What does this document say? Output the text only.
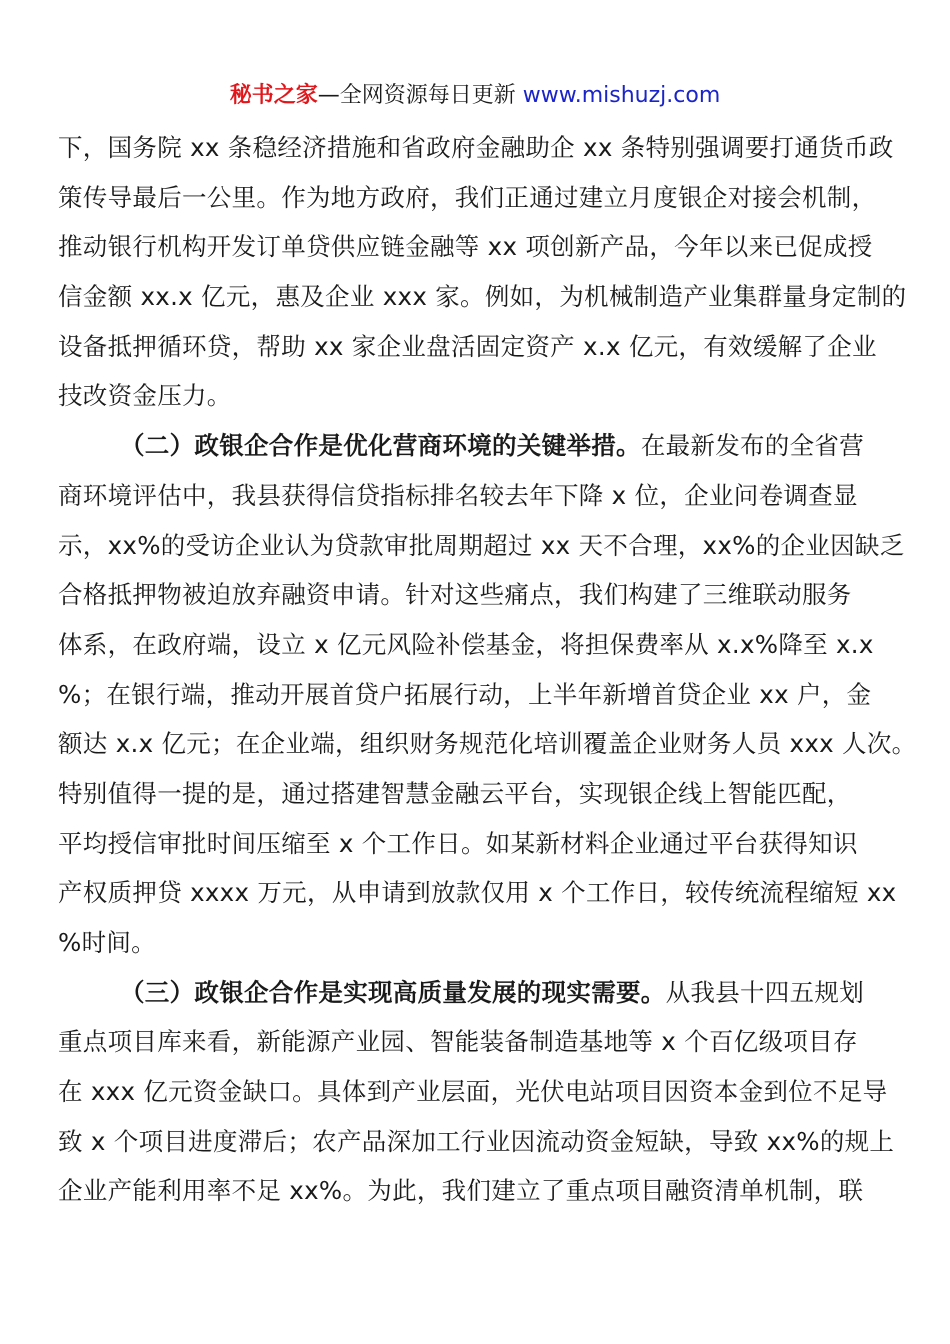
秘书之家—全网资源每日更新 www.mishuzj.com
下，国务院 xx 条稳经济措施和省政府金融助企 xx 条特别强调要打通货币政
策传导最后一公里。作为地方政府，我们正通过建立月度银企对接会机制，
推动银行机构开发订单贷供应链金融等 xx 项创新产品，今年以来已促成授
信金额 xx.x 亿元，惠及企业 xxx 家。例如，为机械制造产业集群量身定制的
设备抵押循环贷，帮助 xx 家企业盘活固定资产 x.x 亿元，有效缓解了企业
技改资金压力。
（二）政银企合作是优化营商环境的关键举措。在最新发布的全省营
商环境评估中，我县获得信贷指标排名较去年下降 x 位，企业问卷调查显
示，xx%的受访企业认为贷款审批周期超过 xx 天不合理，xx%的企业因缺乏
合格抵押物被迫放弃融资申请。针对这些痛点，我们构建了三维联动服务
体系，在政府端，设立 x 亿元风险补偿基金，将担保费率从 x.x%降至 x.x
%；在银行端，推动开展首贷户拓展行动，上半年新增首贷企业 xx 户，金
额达 x.x 亿元；在企业端，组织财务规范化培训覆盖企业财务人员 xxx 人次。
特别值得一提的是，通过搭建智慧金融云平台，实现银企线上智能匹配，
平均授信审批时间压缩至 x 个工作日。如某新材料企业通过平台获得知识
产权质押贷 xxxx 万元，从申请到放款仅用 x 个工作日，较传统流程缩短 xx
%时间。
（三）政银企合作是实现高质量发展的现实需要。从我县十四五规划
重点项目库来看，新能源产业园、智能装备制造基地等 x 个百亿级项目存
在 xxx 亿元资金缺口。具体到产业层面，光伏电站项目因资本金到位不足导
致 x 个项目进度滞后；农产品深加工行业因流动资金短缺，导致 xx%的规上
企业产能利用率不足 xx%。为此，我们建立了重点项目融资清单机制，联
